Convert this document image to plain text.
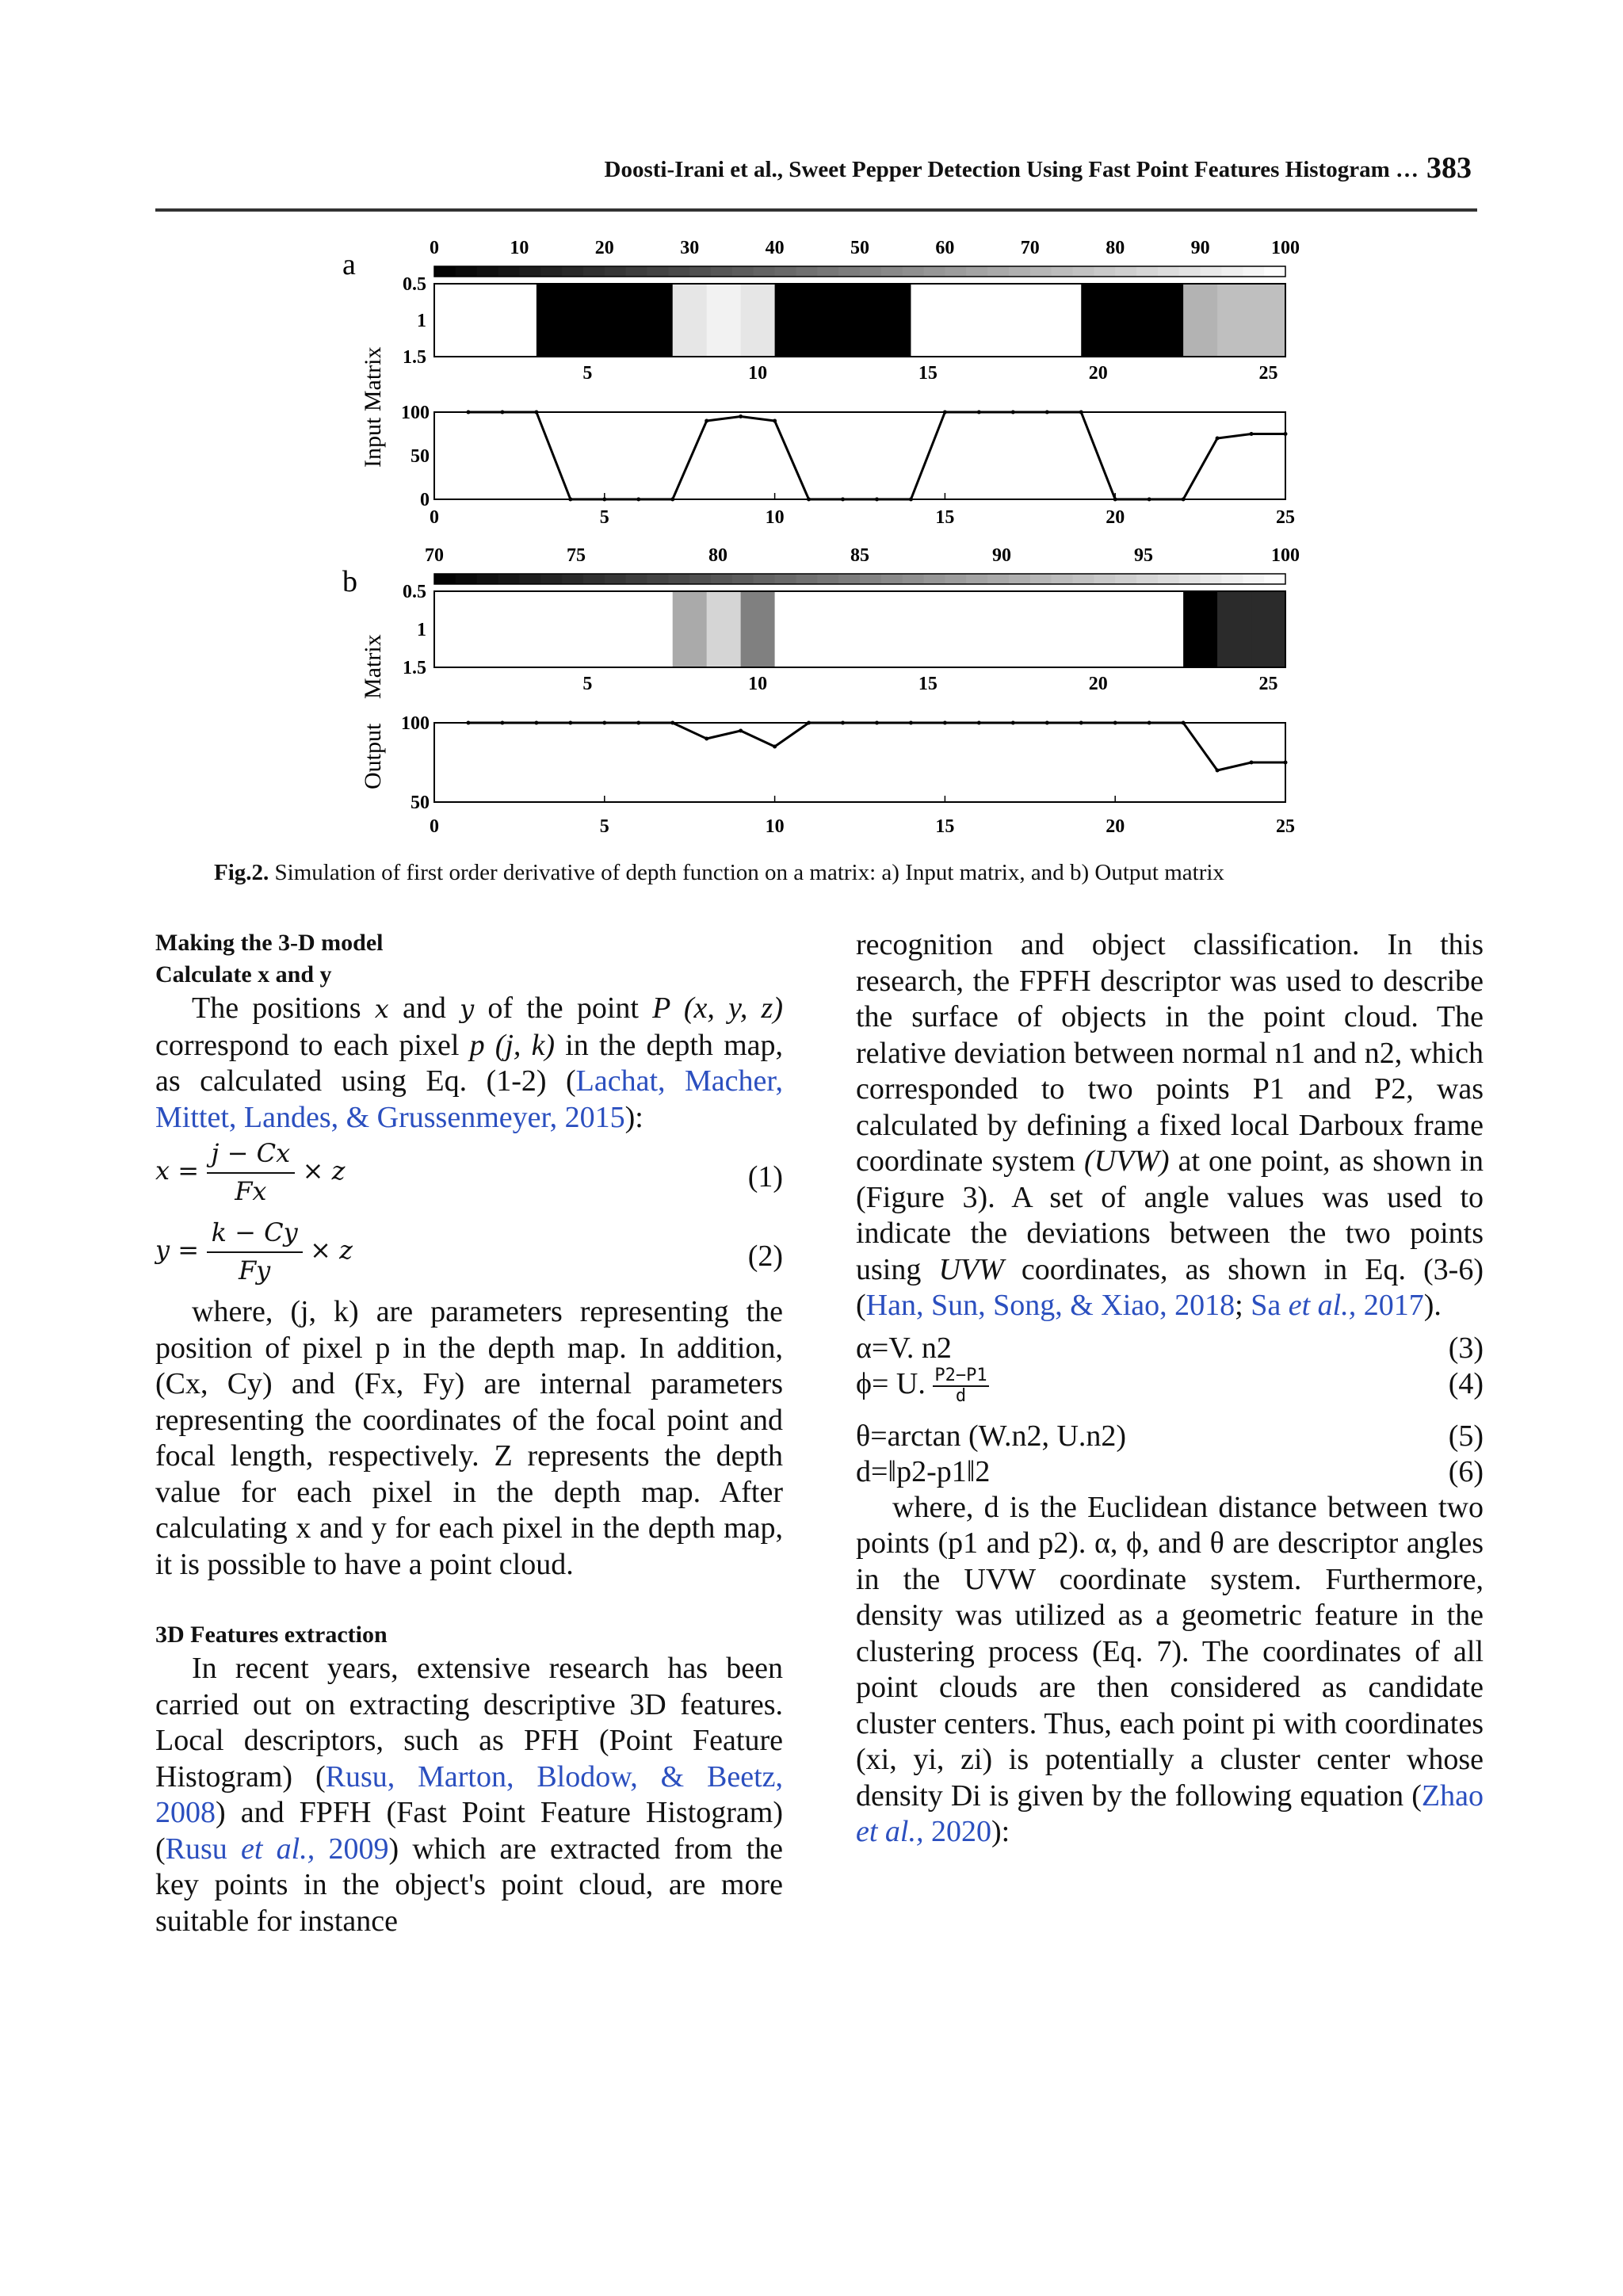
Doosti-Irani et al., Sweet Pepper Detection Using Fast Point Features Histogram … 383
a
b
Input Matrix
Output
Matrix
0	10	20	30	40	50	60	70	80	90	100
0.5
1
1.5
5	10	15	20	25
0	5	10	15	20	25
0
50
100
70	75	80	85	90	95	100
0.5
1
1.5
5	10	15	20	25
0	5	10	15	20	25
50
100
Fig.2. Simulation of first order derivative of depth function on a matrix: a) Input matrix, and b) Output matrix
Making the 3-D model
Calculate x and y

The positions x and y of the point P (x, y, z) correspond to each pixel p (j, k) in the depth map, as calculated using Eq. (1-2) (Lachat, Macher, Mittet, Landes, & Grussenmeyer, 2015):

$x = \frac{j - Cx}{Fx} \times z$	(1)
$y = \frac{k - Cy}{Fy} \times z$	(2)

where, (j, k) are parameters representing the position of pixel p in the depth map. In addition, (Cx, Cy) and (Fx, Fy) are internal parameters representing the coordinates of the focal point and focal length, respectively. Z represents the depth value for each pixel in the depth map. After calculating x and y for each pixel in the depth map, it is possible to have a point cloud.

3D Features extraction

In recent years, extensive research has been carried out on extracting descriptive 3D features. Local descriptors, such as PFH (Point Feature Histogram) (Rusu, Marton, Blodow, & Beetz, 2008) and FPFH (Fast Point Feature Histogram) (Rusu et al., 2009) which are extracted from the key points in the object's point cloud, are more suitable for instance

recognition and object classification. In this research, the FPFH descriptor was used to describe the surface of objects in the point cloud. The relative deviation between normal n1 and n2, which corresponded to two points P1 and P2, was calculated by defining a fixed local Darboux frame coordinate system (UVW) at one point, as shown in (Figure 3). A set of angle values was used to indicate the deviations between the two points using UVW coordinates, as shown in Eq. (3-6) (Han, Sun, Song, & Xiao, 2018; Sa et al., 2017).

α=V. n2	(3)
ϕ= U. $\frac{P2-P1}{d}$	(4)
θ=arctan (W.n2, U.n2)	(5)
d=‖p2-p1‖2	(6)

where, d is the Euclidean distance between two points (p1 and p2). α, ϕ, and θ are descriptor angles in the UVW coordinate system. Furthermore, density was utilized as a geometric feature in the clustering process (Eq. 7). The coordinates of all point clouds are then considered as candidate cluster centers. Thus, each point pi with coordinates (xi, yi, zi) is potentially a cluster center whose density Di is given by the following equation (Zhao et al., 2020):
